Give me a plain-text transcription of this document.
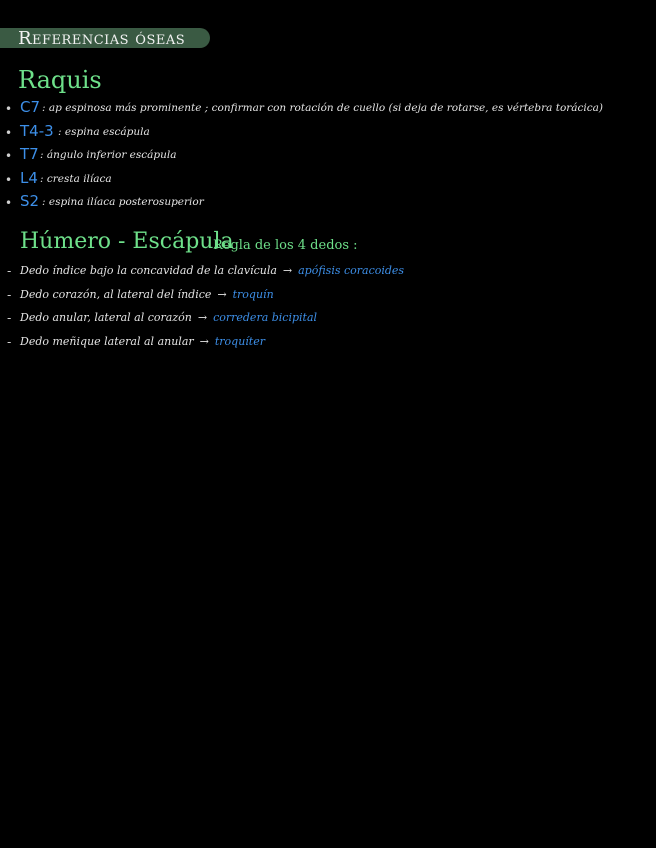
Referencias óseas
Raquis
• C7 : ap espinosa más prominente ; confirmar con rotación de cuello (si deja de rotarse, es vértebra torácica)
• T4-3 : espina escápula
• T7 : ángulo inferior escápula
• L4 : cresta ilíaca
• S2 : espina ilíaca posterosuperior
Húmero - Escápula
Regla de los 4 dedos :
- Dedo índice bajo la concavidad de la clavícula → apófisis coracoides
- Dedo corazón, al lateral del índice → troquín
- Dedo anular, lateral al corazón → corredera bicipital
- Dedo meñique lateral al anular → troquíter
